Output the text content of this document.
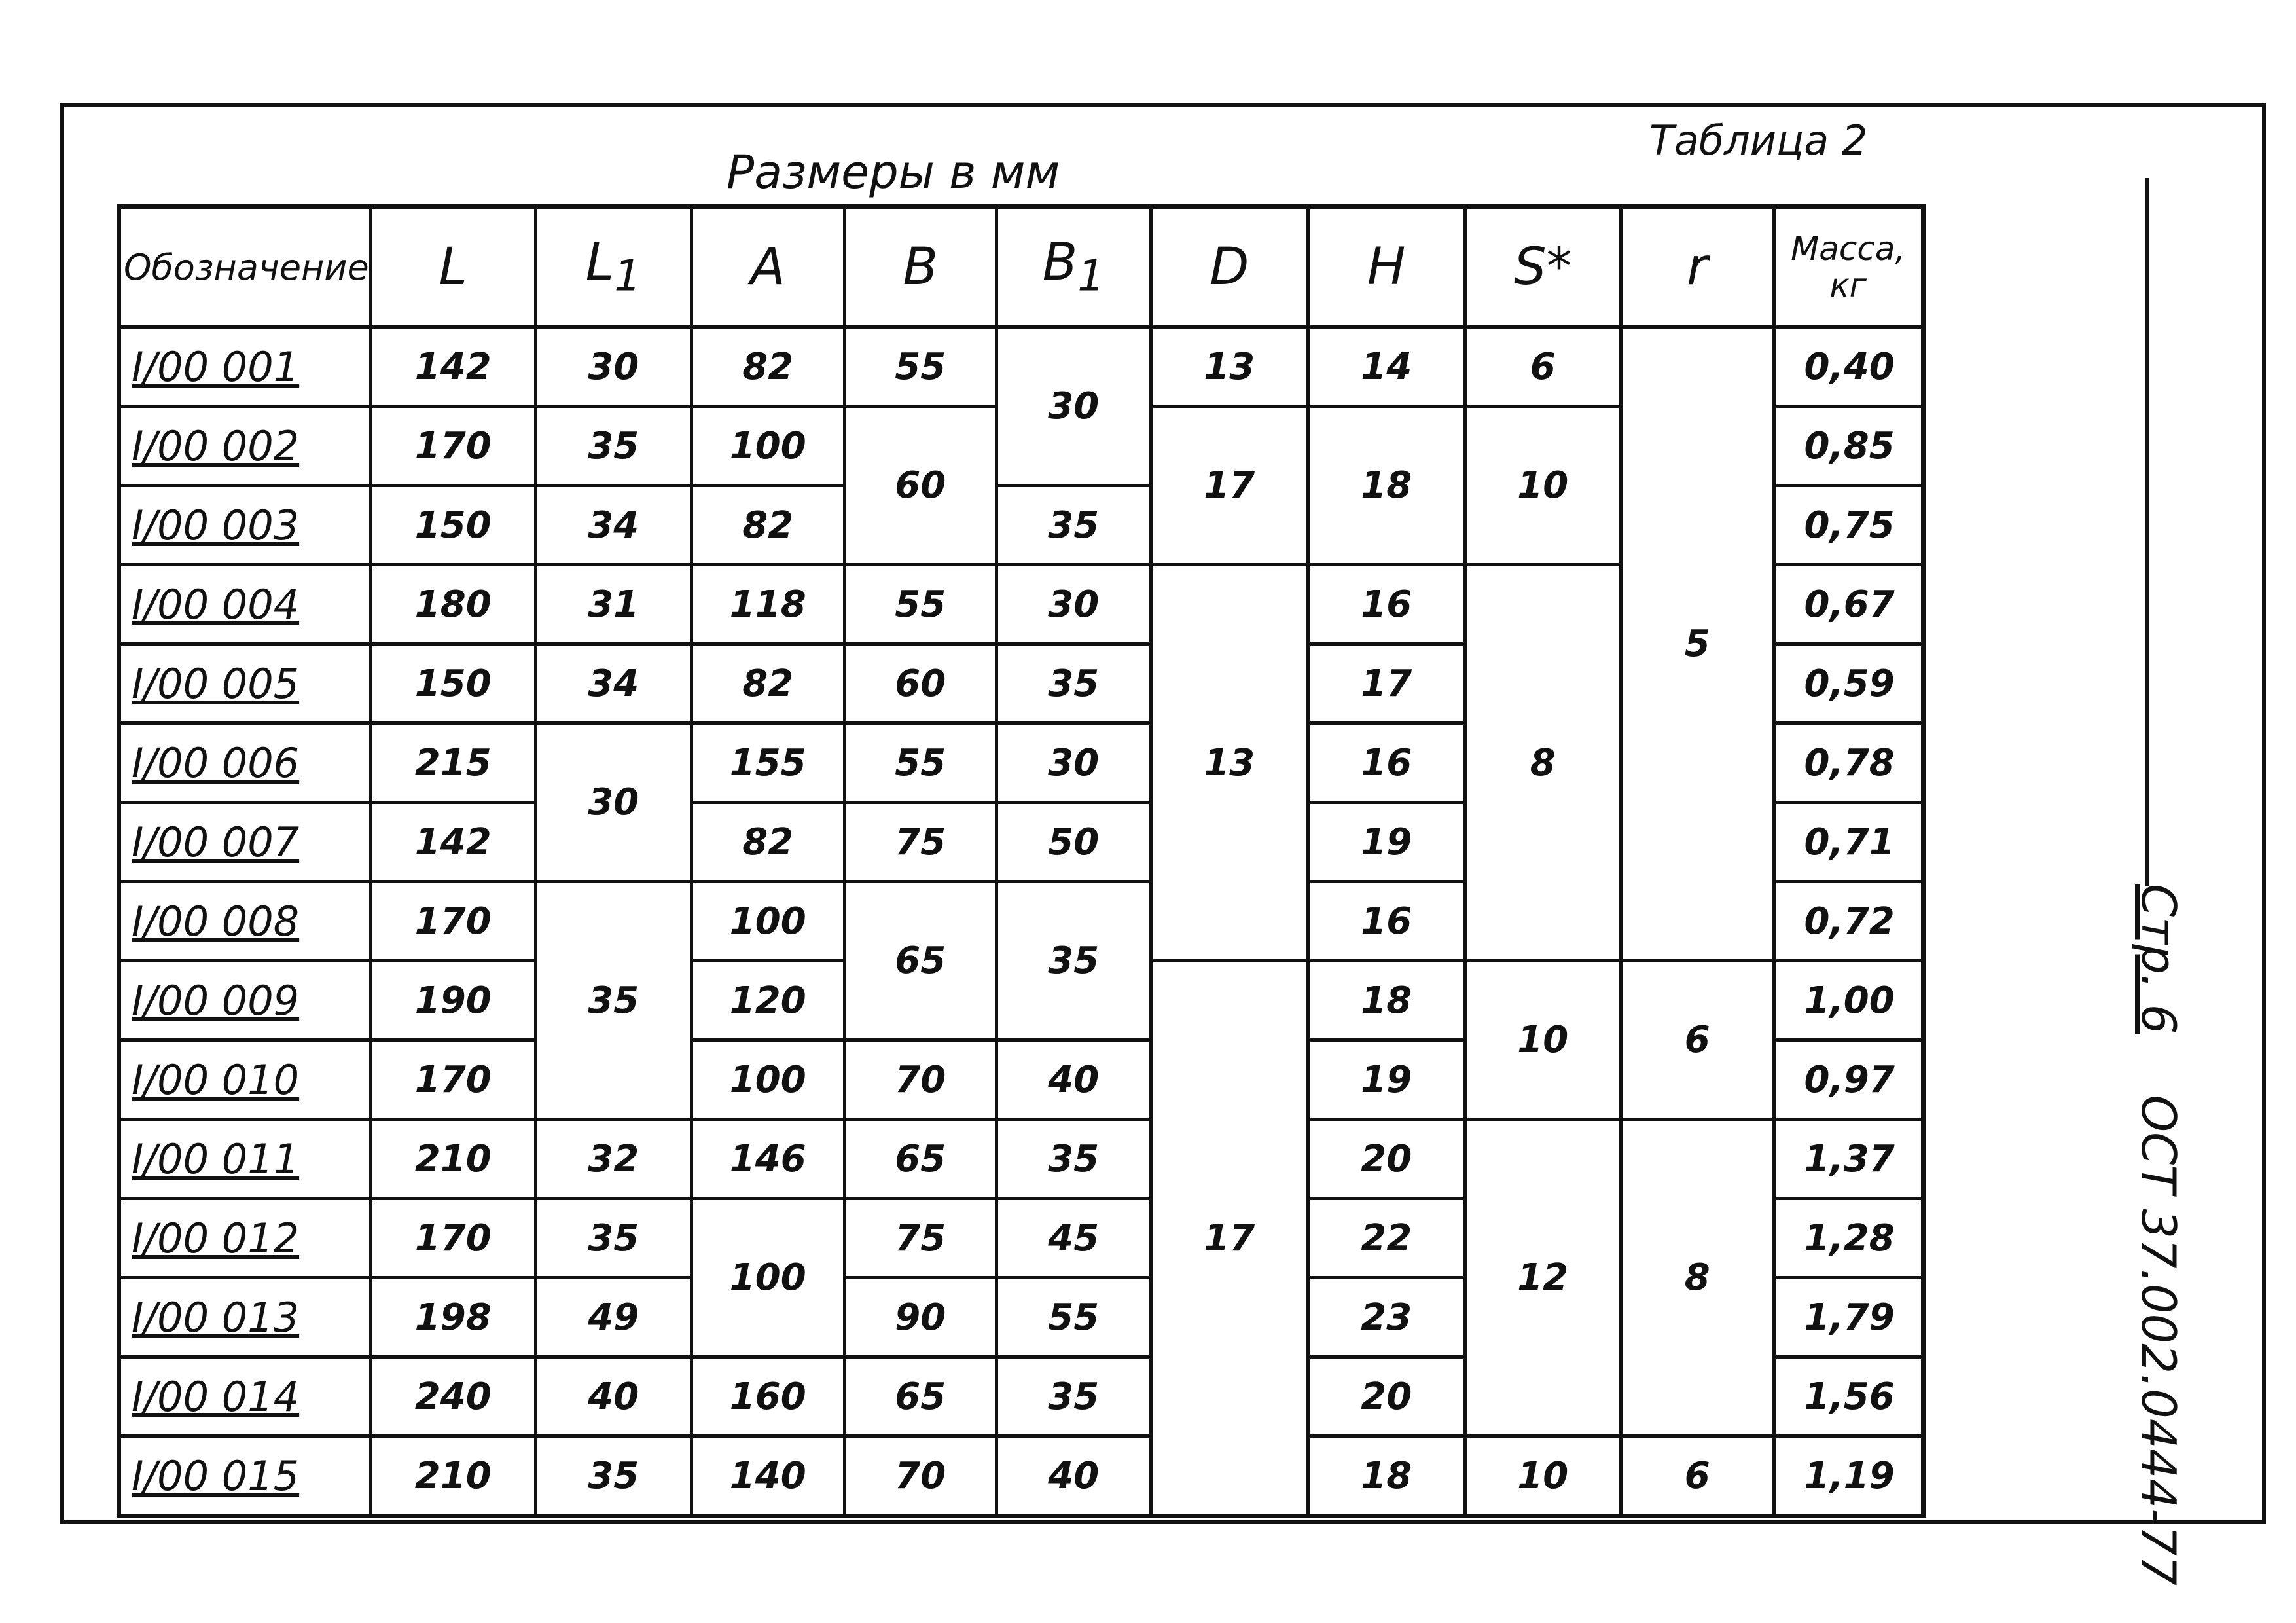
Таблица 2
Размеры в мм
Стр. 6 ОСТ 37.002.0444-77
Обозначение	L	$L_1$	A	B	$B_1$	D	H	S*	r	Масса,
кг
I/00 001	142	30	82	55	30	13	14	6	5	0,40
I/00 002	170	35	100	60		17	18	10		0,85
I/00 003	150	34	82		35					0,75
I/00 004	180	31	118	55	30	13	16	8		0,67
I/00 005	150	34	82	60	35		17			0,59
I/00 006	215	30	155	55	30		16			0,78
I/00 007	142		82	75	50		19			0,71
I/00 008	170	35	100	65	35		16			0,72
I/00 009	190		120			17	18	10	6	1,00
I/00 010	170		100	70	40		19			0,97
I/00 011	210	32	146	65	35		20	12	8	1,37
I/00 012	170	35	100	75	45		22			1,28
I/00 013	198	49		90	55		23			1,79
I/00 014	240	40	160	65	35		20			1,56
I/00 015	210	35	140	70	40		18	10	6	1,19
